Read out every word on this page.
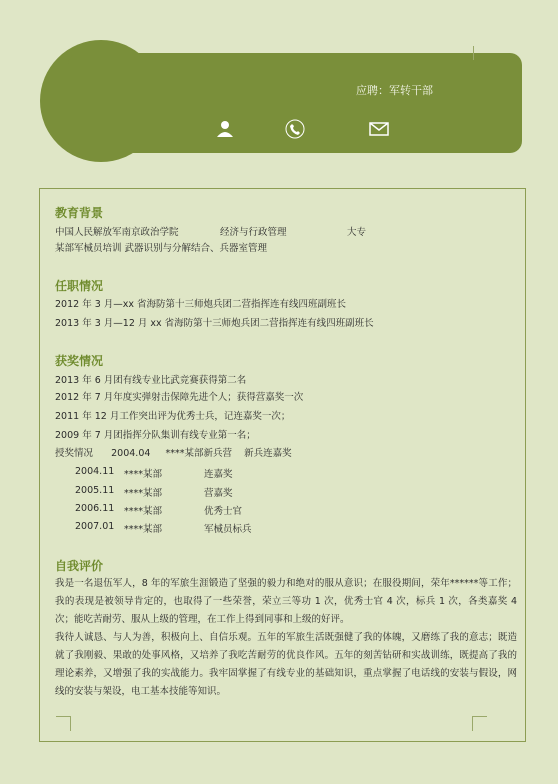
应聘：军转干部
教育背景
中国人民解放军南京政治学院	经济与行政管理	大专
某部军械员培训 武器识别与分解结合、兵器室管理
任职情况
2012 年 3 月—xx 省海防第十三师炮兵团二营指挥连有线四班副班长
2013 年 3 月—12 月 xx 省海防第十三师炮兵团二营指挥连有线四班副班长
获奖情况
2013 年 6 月团有线专业比武竞赛获得第二名
2012 年 7 月年度实弹射击保障先进个人；获得营嘉奖一次
2011 年 12 月工作突出评为优秀士兵，记连嘉奖一次；
2009 年 7 月团指挥分队集训有线专业第一名；
授奖情况      2004.04     ****某部新兵营    新兵连嘉奖
2004.11 ****某部	连嘉奖
2005.11 ****某部	营嘉奖
2006.11 ****某部	优秀士官
2007.01 ****某部	军械员标兵
自我评价
我是一名退伍军人，8 年的军旅生涯锻造了坚强的毅力和绝对的服从意识；在服役期间，荣年******等工作；我的表现是被领导肯定的，也取得了一些荣誉，荣立三等功 1 次，优秀士官 4 次，标兵 1 次，各类嘉奖 4 次；能吃苦耐劳、服从上级的管理，在工作上得到同事和上级的好评。
我待人诚恳、与人为善，积极向上、自信乐观。五年的军旅生活既强健了我的体魄，又磨练了我的意志；既造就了我刚毅、果敢的处事风格，又培养了我吃苦耐劳的优良作风。五年的刻苦钻研和实战训练，既提高了我的理论素养，又增强了我的实战能力。我牢固掌握了有线专业的基础知识，重点掌握了电话线的安装与假设，网线的安装与架设，电工基本技能等知识。
